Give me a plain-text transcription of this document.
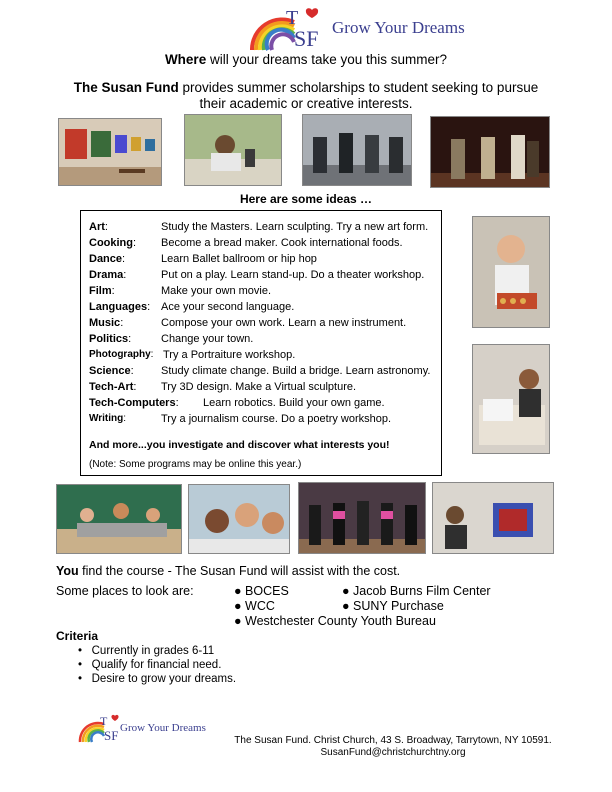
T
SF Grow Your Dreams
Where will your dreams take you this summer?
The Susan Fund provides summer scholarships to student seeking to pursue
their academic or creative interests.
Here are some ideas …
Art:	Study the Masters. Learn sculpting. Try a new art form.
Cooking: Become a bread maker. Cook international foods.
Dance:	Learn Ballet ballroom or hip hop
Drama:	Put on a play. Learn stand-up. Do a theater workshop.
Film:	Make your own movie.
Languages: Ace your second language.
Music:	Compose your own work. Learn a new instrument.
Politics:	Change your town.
Photography: Try a Portraiture workshop.
Science: Study climate change. Build a bridge. Learn astronomy.
Tech-Art: Try 3D design. Make a Virtual sculpture.
Tech-Computers: Learn robotics. Build your own game.
Writing:	Try a journalism course. Do a poetry workshop.
And more...you investigate and discover what interests you!
(Note: Some programs may be online this year.)
You find the course - The Susan Fund will assist with the cost.
Some places to look are:	● BOCES	● Jacob Burns Film Center
● WCC	● SUNY Purchase
● Westchester County Youth Bureau
Criteria
•   Currently in grades 6-11
•   Qualify for financial need.
•   Desire to grow your dreams.
T
SF Grow Your Dreams
The Susan Fund. Christ Church, 43 S. Broadway, Tarrytown, NY 10591.
SusanFund@christchurchtny.org
